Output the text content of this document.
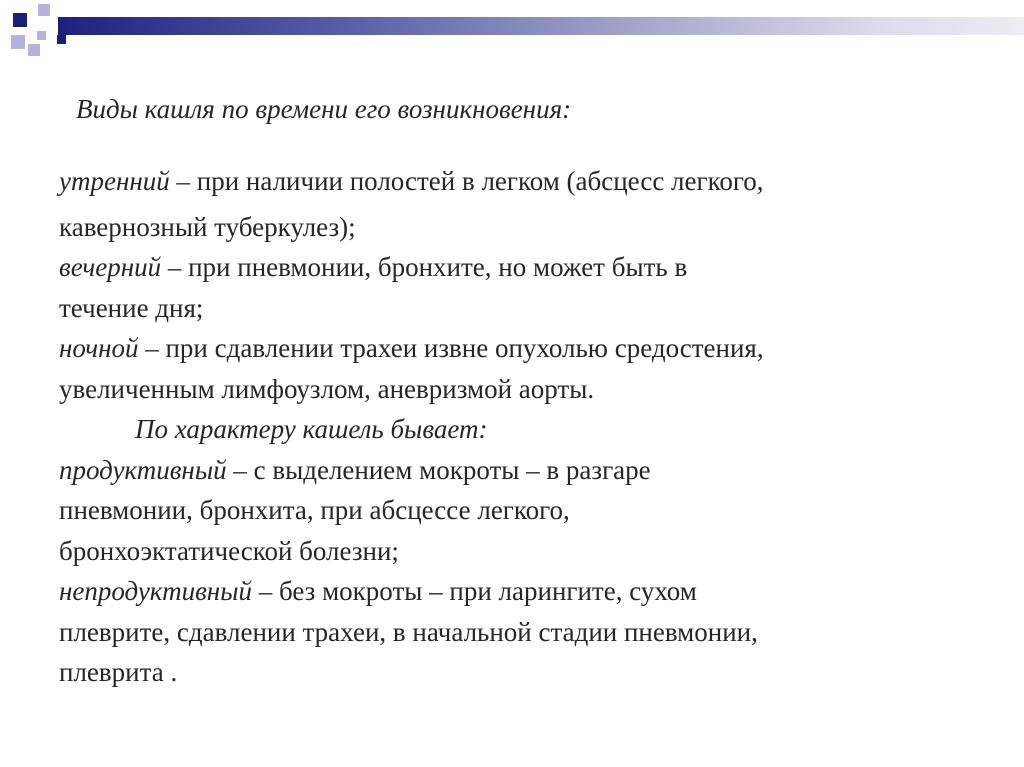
Виды кашля по времени его возникновения:
утренний – при наличии полостей в легком (абсцесс легкого,
кавернозный туберкулез);
вечерний – при пневмонии, бронхите, но может быть в
течение дня;
ночной – при сдавлении трахеи извне опухолью средостения,
увеличенным лимфоузлом, аневризмой аорты.
По характеру кашель бывает:
продуктивный – с выделением мокроты – в разгаре
пневмонии, бронхита, при абсцессе легкого,
бронхоэктатической болезни;
непродуктивный – без мокроты – при ларингите, сухом
плеврите, сдавлении трахеи, в начальной стадии пневмонии,
плеврита .
